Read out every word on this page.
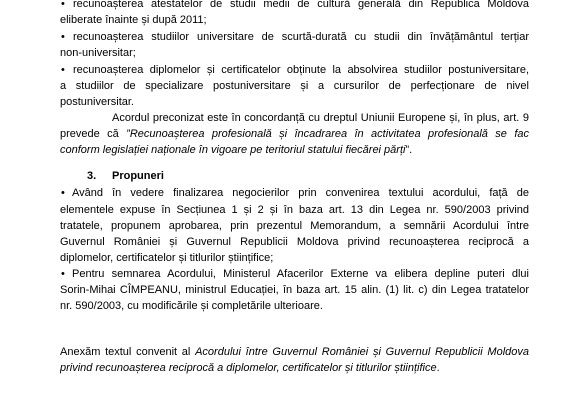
• recunoașterea atestatelor de studii medii de cultură generală din Republica Moldova
eliberate înainte și după 2011;
• recunoașterea studiilor universitare de scurtă-durată cu studii din învățământul terțiar
non-universitar;
• recunoașterea diplomelor și certificatelor obținute la absolvirea studiilor postuniversitare,
a studiilor de specializare postuniversitare și a cursurilor de perfecționare de nivel
postuniversitar.
Acordul preconizat este în concordanță cu dreptul Uniunii Europene și, în plus, art. 9
prevede că ”Recunoașterea profesională și încadrarea în activitatea profesională se fac
conform legislației naționale în vigoare pe teritoriul statului fiecărei părți”.
3.	Propuneri
• Având în vedere finalizarea negocierilor prin convenirea textului acordului, față de
elementele expuse în Secțiunea 1 și 2 și în baza art. 13 din Legea nr. 590/2003 privind
tratatele, propunem aprobarea, prin prezentul Memorandum, a semnării Acordului între
Guvernul României și Guvernul Republicii Moldova privind recunoașterea reciprocă a
diplomelor, certificatelor și titlurilor științifice;
• Pentru semnarea Acordului, Ministerul Afacerilor Externe va elibera depline puteri dlui
Sorin-Mihai CÎMPEANU, ministrul Educației, în baza art. 15 alin. (1) lit. c) din Legea tratatelor
nr. 590/2003, cu modificările și completările ulterioare.
Anexăm textul convenit al Acordului între Guvernul României și Guvernul Republicii Moldova
privind recunoașterea reciprocă a diplomelor, certificatelor și titlurilor științifice.
